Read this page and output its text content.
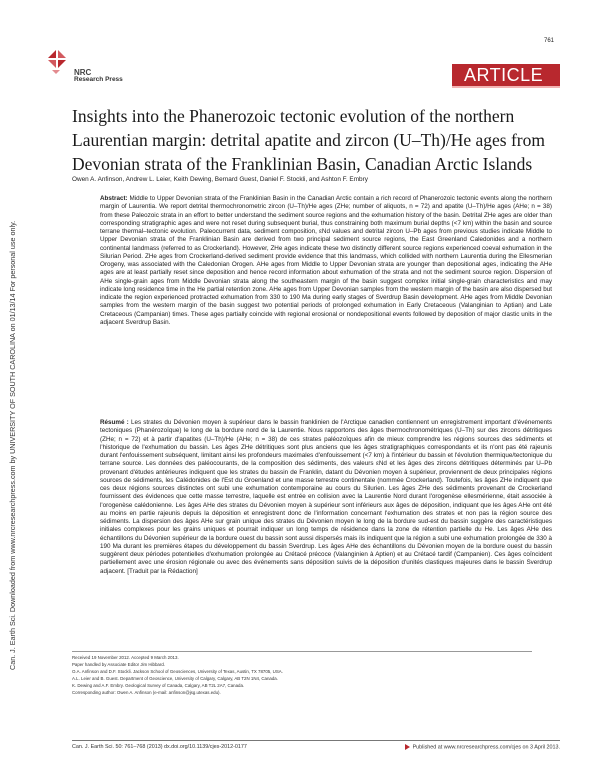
761
NRC
Research Press	ARTICLE
Can. J. Earth Sci. Downloaded from www.nrcresearchpress.com by UNIVERSITY OF SOUTH CAROLINA on 01/13/14 For personal use only.
Insights into the Phanerozoic tectonic evolution of the northern Laurentian margin: detrital apatite and zircon (U–Th)/He ages from Devonian strata of the Franklinian Basin, Canadian Arctic Islands
Owen A. Anfinson, Andrew L. Leier, Keith Dewing, Bernard Guest, Daniel F. Stockli, and Ashton F. Embry

Abstract: Middle to Upper Devonian strata of the Franklinian Basin in the Canadian Arctic contain a rich record of Phanerozoic tectonic events along the northern margin of Laurentia. We report detrital thermochronometric zircon (U–Th)/He ages (ZHe; number of aliquots, n = 72) and apatite (U–Th)/He ages (AHe; n = 38) from these Paleozoic strata in an effort to better understand the sediment source regions and the exhumation history of the basin. Detrital ZHe ages are older than corresponding stratigraphic ages and were not reset during subsequent burial, thus constraining both maximum burial depths (<7 km) within the basin and source terrane thermal–tectonic evolution. Paleocurrent data, sediment composition, εNd values and detrital zircon U–Pb ages from previous studies indicate Middle to Upper Devonian strata of the Franklinian Basin are derived from two principal sediment source regions, the East Greenland Caledonides and a northern continental landmass (referred to as Crockerland). However, ZHe ages indicate these two distinctly different source regions experienced coeval exhumation in the Silurian Period. ZHe ages from Crockerland-derived sediment provide evidence that this landmass, which collided with northern Laurentia during the Ellesmerian Orogeny, was associated with the Caledonian Orogen. AHe ages from Middle to Upper Devonian strata are younger than depositional ages, indicating the AHe ages are at least partially reset since deposition and hence record information about exhumation of the strata and not the sediment source region. Dispersion of AHe single-grain ages from Middle Devonian strata along the southeastern margin of the basin suggest complex initial single-grain characteristics and may indicate long residence time in the He partial retention zone. AHe ages from Upper Devonian samples from the western margin of the basin are also dispersed but indicate the region experienced protracted exhumation from 330 to 190 Ma during early stages of Sverdrup Basin development. AHe ages from Middle Devonian samples from the western margin of the basin suggest two potential periods of prolonged exhumation in Early Cretaceous (Valanginian to Aptian) and Late Cretaceous (Campanian) times. These ages partially coincide with regional erosional or nondepositional events followed by deposition of major clastic units in the adjacent Sverdrup Basin.

Résumé : Les strates du Dévonien moyen à supérieur dans le bassin franklinien de l'Arctique canadien contiennent un enregistrement important d'événements tectoniques (Phanérozoïque) le long de la bordure nord de la Laurentie. Nous rapportons des âges thermochronométriques (U–Th) sur des zircons détritiques (ZHe; n = 72) et à partir d'apatites (U–Th)/He (AHe; n = 38) de ces strates paléozoïques afin de mieux comprendre les régions sources des sédiments et l'historique de l'exhumation du bassin. Les âges ZHe détritiques sont plus anciens que les âges stratigraphiques correspondants et ils n'ont pas été rajeunis durant l'enfouissement subséquent, limitant ainsi les profondeurs maximales d'enfouissement (<7 km) à l'intérieur du bassin et l'évolution thermique/tectonique du terrane source. Les données des paléocourants, de la composition des sédiments, des valeurs εNd et les âges des zircons détritiques déterminés par U–Pb provenant d'études antérieures indiquent que les strates du bassin de Franklin, datant du Dévonien moyen à supérieur, proviennent de deux principales régions sources de sédiments, les Calédonides de l'Est du Groenland et une masse terrestre continentale (nommée Crockerland). Toutefois, les âges ZHe indiquent que ces deux régions sources distinctes ont subi une exhumation contemporaine au cours du Silurien. Les âges ZHe des sédiments provenant de Crockerland fournissent des évidences que cette masse terrestre, laquelle est entrée en collision avec la Laurentie Nord durant l'orogenèse ellesmérienne, était associée à l'orogenèse calédonienne. Les âges AHe des strates du Dévonien moyen à supérieur sont inférieurs aux âges de déposition, indiquant que les âges AHe ont été au moins en partie rajeunis depuis la déposition et enregistrent donc de l'information concernant l'exhumation des strates et non pas la région source des sédiments. La dispersion des âges AHe sur grain unique des strates du Dévonien moyen le long de la bordure sud-est du bassin suggère des caractéristiques initiales complexes pour les grains uniques et pourrait indiquer un long temps de résidence dans la zone de rétention partielle du He. Les âges AHe des échantillons du Dévonien supérieur de la bordure ouest du bassin sont aussi dispersés mais ils indiquent que la région a subi une exhumation prolongée de 330 à 190 Ma durant les premières étapes du développement du bassin Sverdrup. Les âges AHe des échantillons du Dévonien moyen de la bordure ouest du bassin suggèrent deux périodes potentielles d'exhumation prolongée au Crétacé précoce (Valanginien à Aptien) et au Crétacé tardif (Campanien). Ces âges coïncident partiellement avec une érosion régionale ou avec des événements sans déposition suivis de la déposition d'unités clastiques majeures dans le bassin Sverdrup adjacent. [Traduit par la Rédaction]

Received 19 November 2012. Accepted 9 March 2013.
Paper handled by Associate Editor Jim Hibbard.
O.A. Anfinson and D.F. Stockli. Jackson School of Geosciences, University of Texas, Austin, TX 78705, USA.
A.L. Leier and B. Guest. Department of Geoscience, University of Calgary, Calgary, AB T2N 1N4, Canada.
K. Dewing and A.F. Embry. Geological Survey of Canada, Calgary, AB T2L 2A7, Canada.
Corresponding author: Owen A. Anfinson (e-mail: anfinson@jsg.utexas.edu).
Can. J. Earth Sci. 50: 761–768 (2013) dx.doi.org/10.1139/cjes-2012-0177	Published at www.nrcresearchpress.com/cjes on 3 April 2013.
